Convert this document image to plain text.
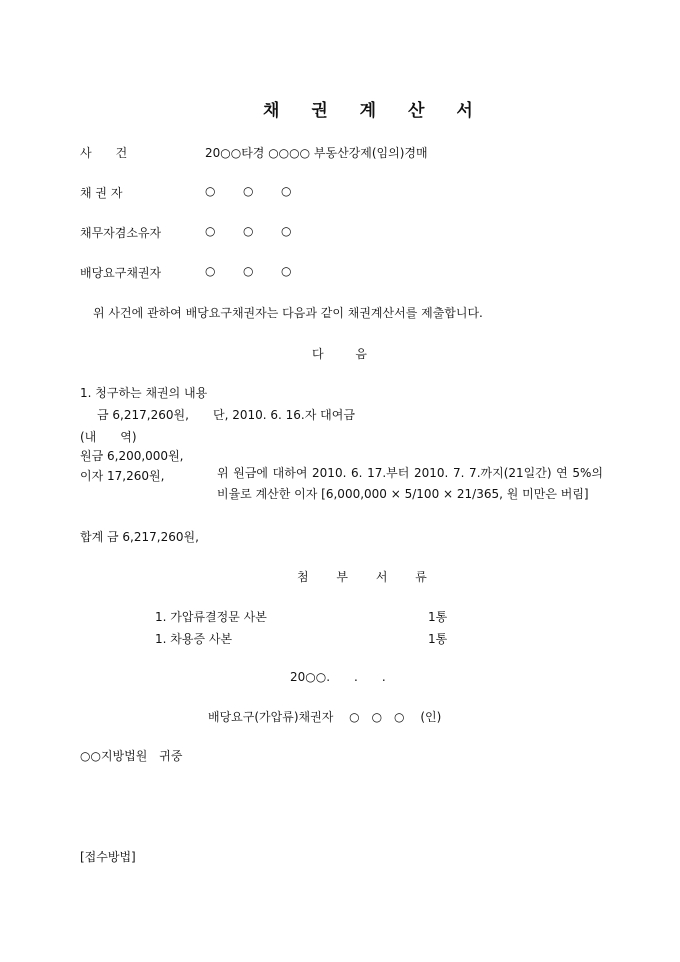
채 권 계 산 서
사　　건	20○○타경 ○○○○ 부동산강제(임의)경매
채 권 자	○ ○ ○
채무자겸소유자	○ ○ ○
배당요구채권자	○ ○ ○
위 사건에 관하여 배당요구채권자는 다음과 같이 채권계산서를 제출합니다.
다 음
1. 청구하는 채권의 내용
금 6,217,260원, 단, 2010. 6. 16.자 대여금
(내　　역)
원금 6,200,000원,
이자 17,260원,	위 원금에 대하여 2010. 6. 17.부터 2010. 7. 7.까지(21일간) 연 5%의 비율로 계산한 이자 [6,000,000 × 5/100 × 21/365, 원 미만은 버림]
합계 금 6,217,260원,
첨 부 서 류
1. 가압류결정문 사본	1통
1. 차용증 사본	1통
20○○.　　.　　.
배당요구(가압류)채권자　 ○　○　○　 (인)
○○지방법원　귀중
[접수방법]
